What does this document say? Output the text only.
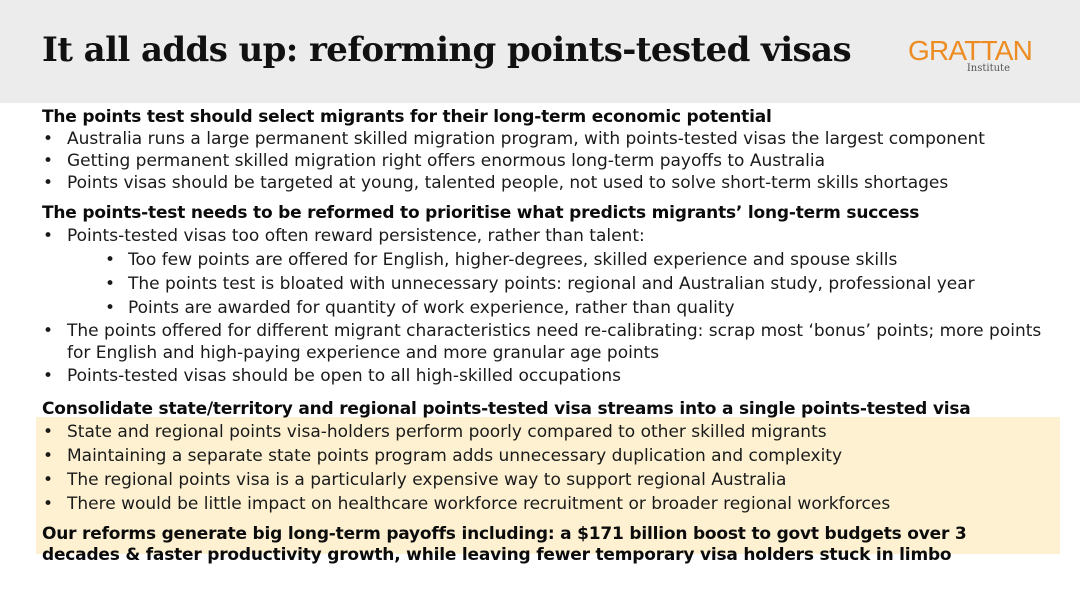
It all adds up: reforming points-tested visas GRATTAN
Institute
The points test should select migrants for their long-term economic potential
• Australia runs a large permanent skilled migration program, with points-tested visas the largest component
• Getting permanent skilled migration right offers enormous long-term payoffs to Australia
• Points visas should be targeted at young, talented people, not used to solve short-term skills shortages
The points-test needs to be reformed to prioritise what predicts migrants’ long-term success
• Points-tested visas too often reward persistence, rather than talent:
• Too few points are offered for English, higher-degrees, skilled experience and spouse skills
• The points test is bloated with unnecessary points: regional and Australian study, professional year
• Points are awarded for quantity of work experience, rather than quality
• The points offered for different migrant characteristics need re-calibrating: scrap most ‘bonus’ points; more points for English and high-paying experience and more granular age points
• Points-tested visas should be open to all high-skilled occupations
Consolidate state/territory and regional points-tested visa streams into a single points-tested visa
• State and regional points visa-holders perform poorly compared to other skilled migrants
• Maintaining a separate state points program adds unnecessary duplication and complexity
• The regional points visa is a particularly expensive way to support regional Australia
• There would be little impact on healthcare workforce recruitment or broader regional workforces
Our reforms generate big long-term payoffs including: a $171 billion boost to govt budgets over 3 decades & faster productivity growth, while leaving fewer temporary visa holders stuck in limbo
